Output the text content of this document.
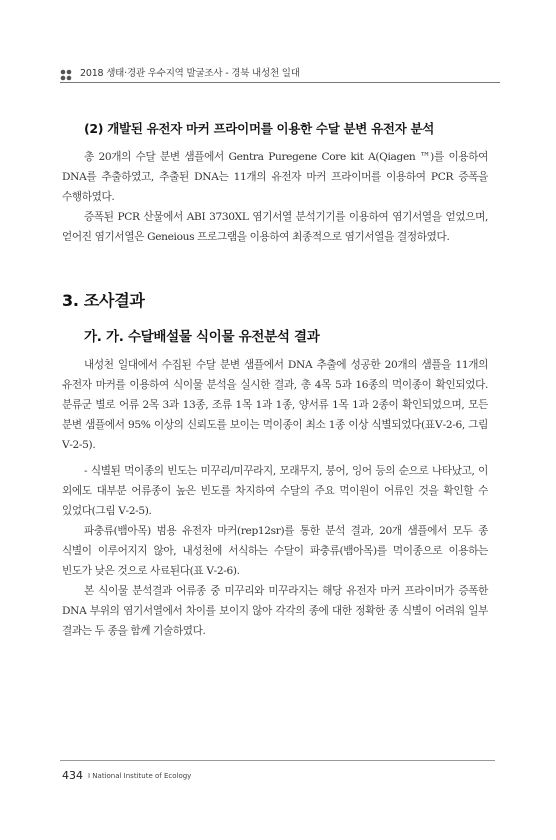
2018 생태·경관 우수지역 발굴조사 - 경북 내성천 일대
(2) 개발된 유전자 마커 프라이머를 이용한 수달 분변 유전자 분석

총 20개의 수달 분변 샘플에서 Gentra Puregene Core kit A(Qiagen ™)를 이용하여 DNA를 추출하였고, 추출된 DNA는 11개의 유전자 마커 프라이머를 이용하여 PCR 증폭을 수행하였다.

증폭된 PCR 산물에서 ABI 3730XL 염기서열 분석기기를 이용하여 염기서열을 얻었으며, 얻어진 염기서열은 Geneious 프로그램을 이용하여 최종적으로 염기서열을 결정하였다.

3. 조사결과
가. 가. 수달배설물 식이물 유전분석 결과

내성천 일대에서 수집된 수달 분변 샘플에서 DNA 추출에 성공한 20개의 샘플을 11개의 유전자 마커를 이용하여 식이물 분석을 실시한 결과, 총 4목 5과 16종의 먹이종이 확인되었다. 분류군 별로 어류 2목 3과 13종, 조류 1목 1과 1종, 양서류 1목 1과 2종이 확인되었으며, 모든 분변 샘플에서 95% 이상의 신뢰도를 보이는 먹이종이 최소 1종 이상 식별되었다(표Ⅴ-2-6, 그림 Ⅴ-2-5).

- 식별된 먹이종의 빈도는 미꾸리/미꾸라지, 모래무지, 붕어, 잉어 등의 순으로 나타났고, 이 외에도 대부분 어류종이 높은 빈도를 차지하여 수달의 주요 먹이원이 어류인 것을 확인할 수 있었다(그림 Ⅴ-2-5).

파충류(뱀아목) 범용 유전자 마커(rep12sr)를 통한 분석 결과, 20개 샘플에서 모두 종 식별이 이루어지지 않아, 내성천에 서식하는 수달이 파충류(뱀아목)를 먹이종으로 이용하는 빈도가 낮은 것으로 사료된다(표 Ⅴ-2-6).

본 식이물 분석결과 어류종 중 미꾸리와 미꾸라지는 해당 유전자 마커 프라이머가 증폭한 DNA 부위의 염기서열에서 차이를 보이지 않아 각각의 종에 대한 정확한 종 식별이 어려워 일부 결과는 두 종을 함께 기술하였다.

434 I National Institute of Ecology
